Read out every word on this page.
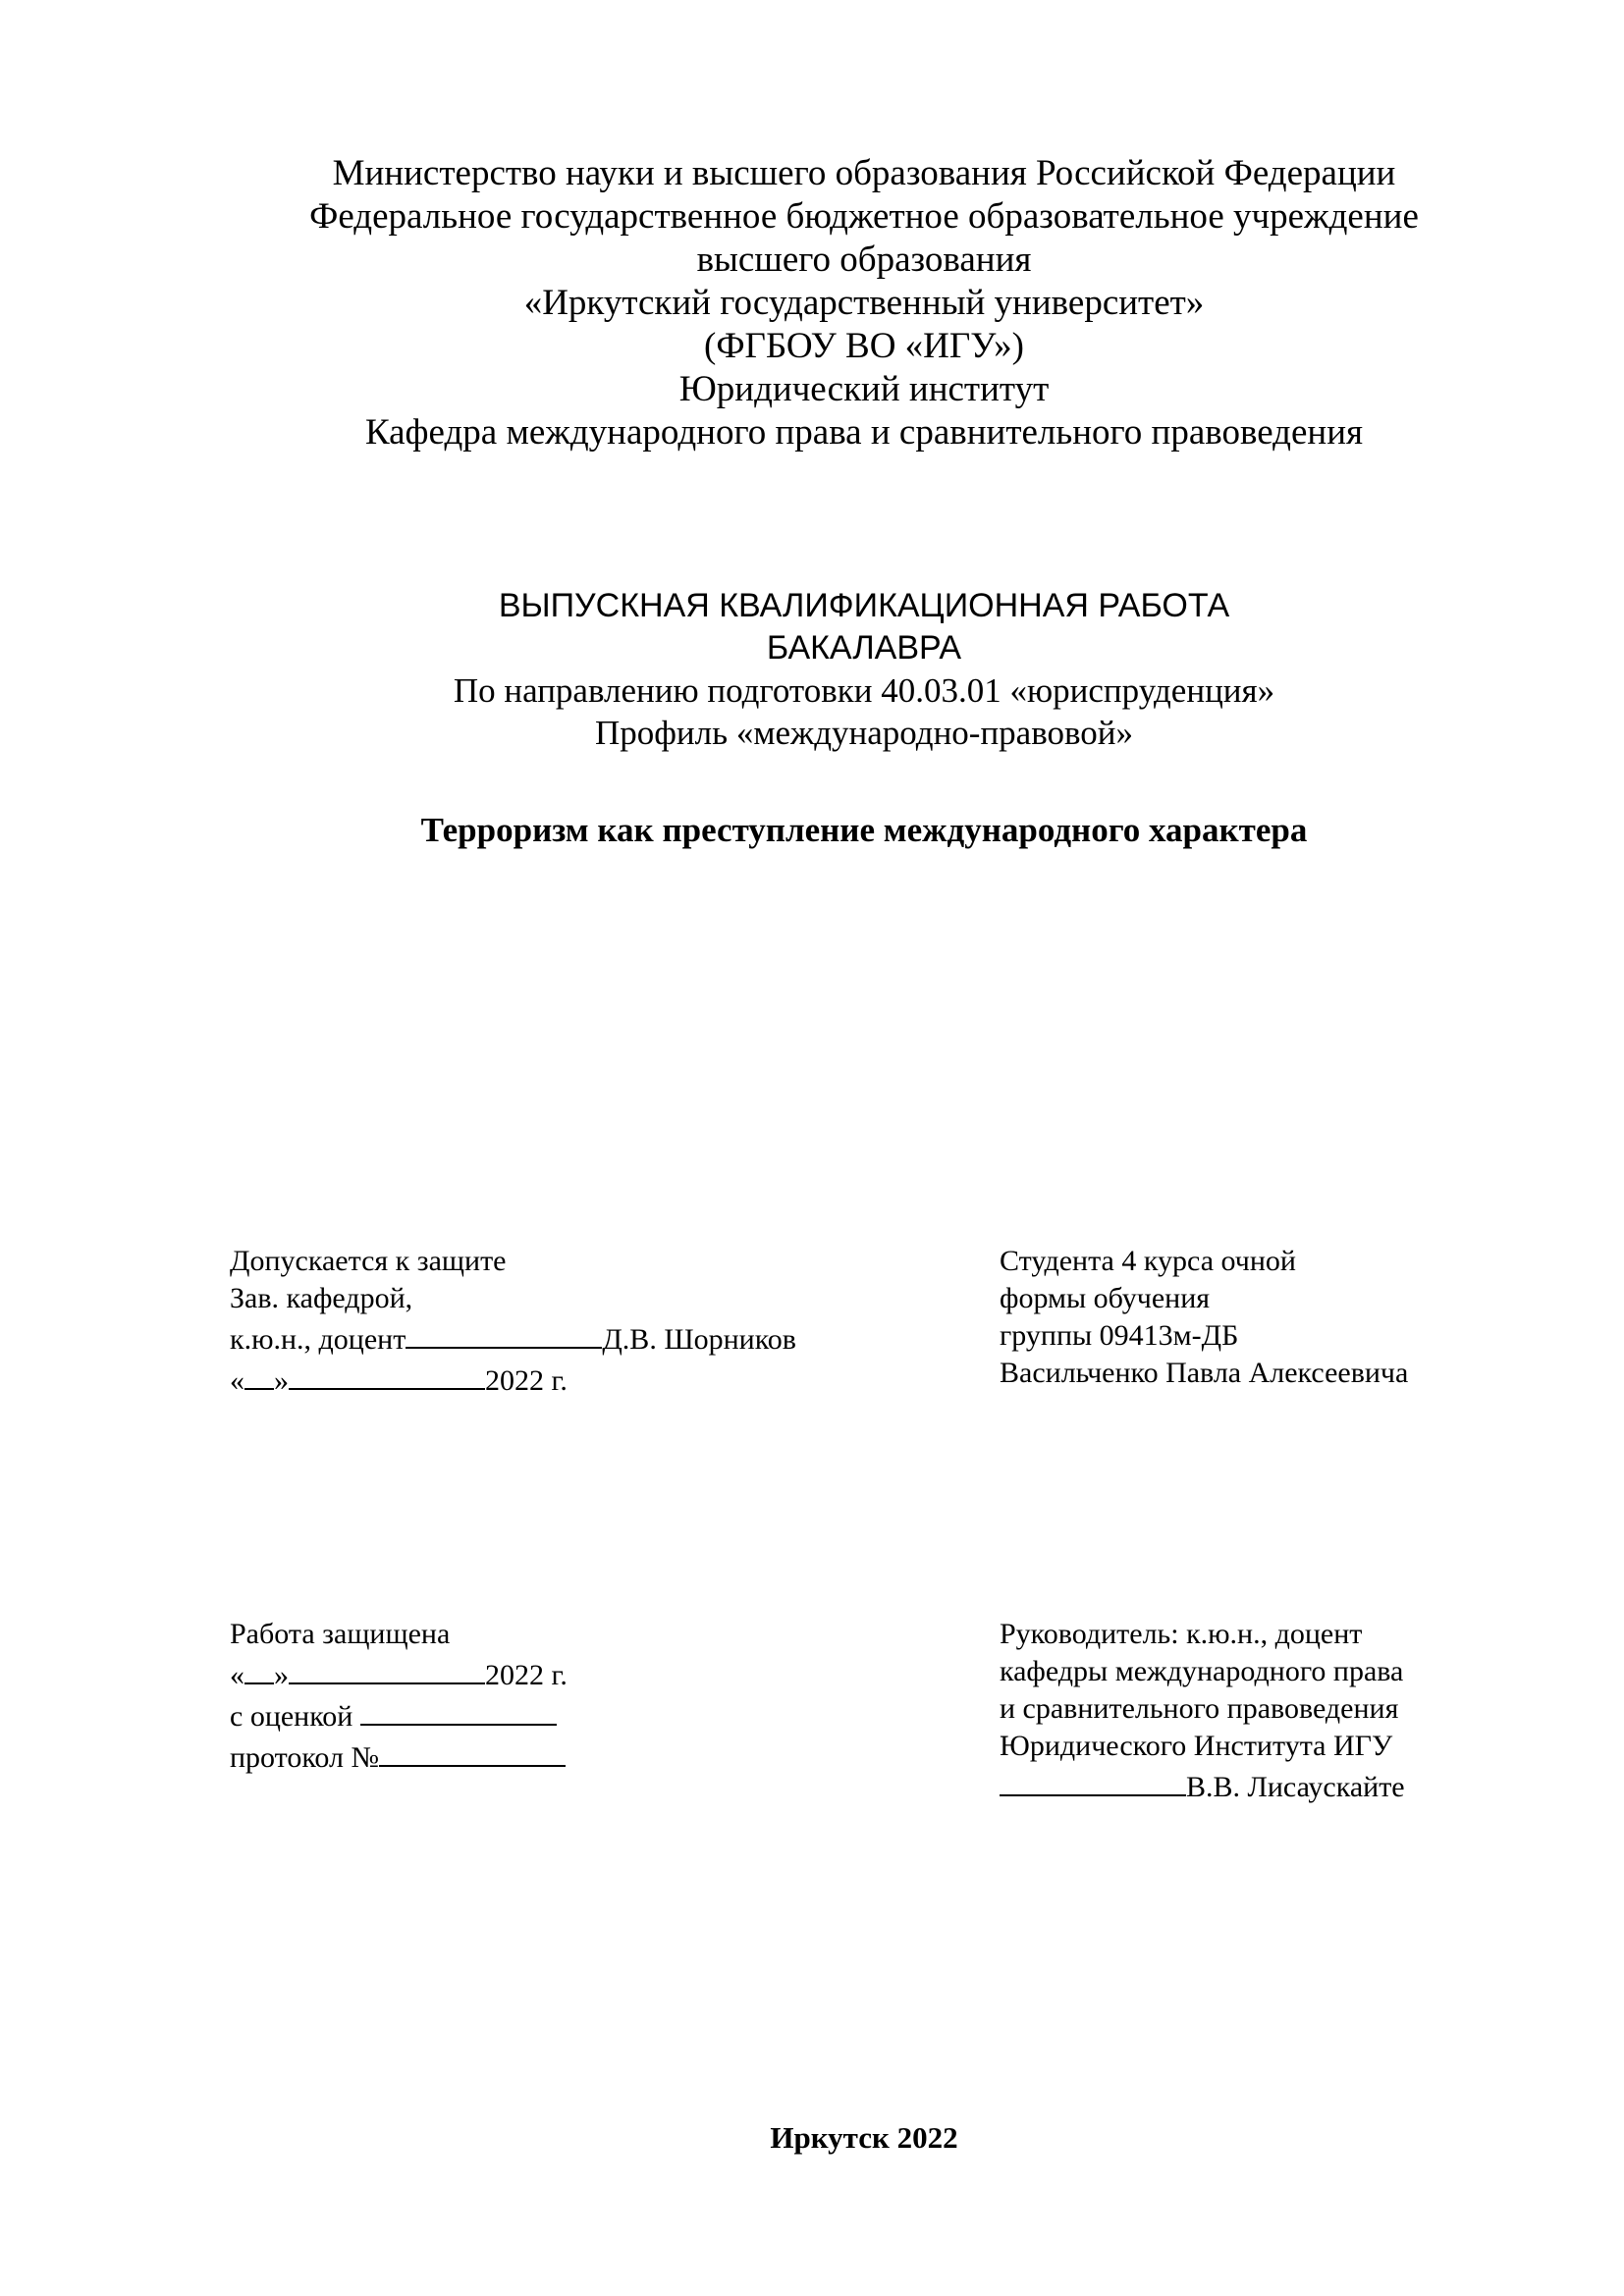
Министерство науки и высшего образования Российской Федерации
Федеральное государственное бюджетное образовательное учреждение
высшего образования
«Иркутский государственный университет»
(ФГБОУ ВО «ИГУ»)
Юридический институт
Кафедра международного права и сравнительного правоведения
ВЫПУСКНАЯ КВАЛИФИКАЦИОННАЯ РАБОТА
БАКАЛАВРА
По направлению подготовки 40.03.01 «юриспруденция»
Профиль «международно-правовой»
Терроризм как преступление международного характера
Допускается к защите
Зав. кафедрой,
к.ю.н., доцент	Д.В. Шорников
« »	2022 г.
Студента 4 курса очной
формы обучения
группы 09413м-ДБ
Васильченко Павла Алексеевича
Работа защищена
« »	2022 г.
с оценкой
протокол №
Руководитель: к.ю.н., доцент
кафедры международного права
и сравнительного правоведения
Юридического Института ИГУ
В.В. Лисаускайте
Иркутск 2022
